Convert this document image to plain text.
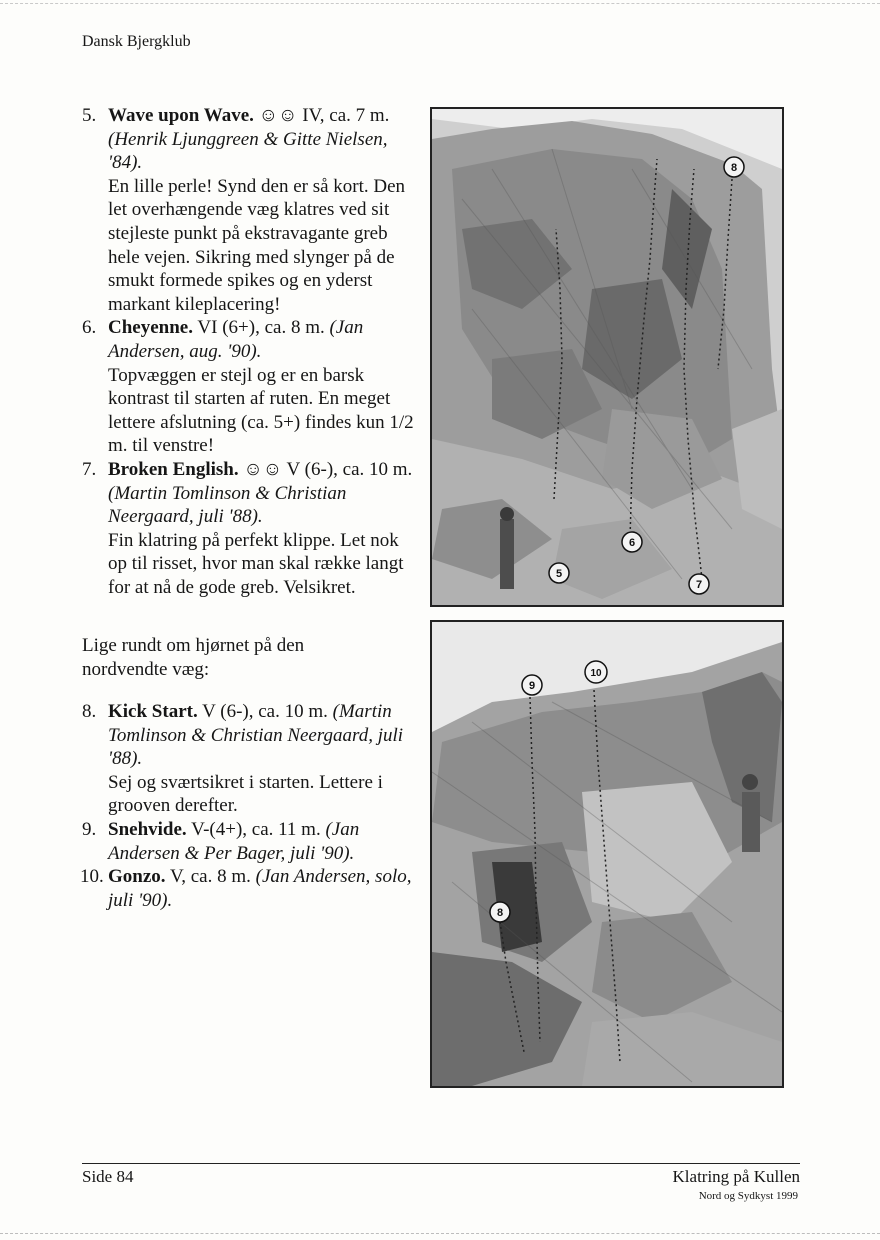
Dansk Bjergklub
5. Wave upon Wave. ☺☺ IV, ca. 7 m. (Henrik Ljunggreen & Gitte Nielsen, '84).
En lille perle! Synd den er så kort. Den let overhængende væg klatres ved sit stejleste punkt på ekstravagante greb hele vejen. Sikring med slynger på de smukt formede spikes og en yderst markant kileplacering!
6. Cheyenne. VI (6+), ca. 8 m. (Jan Andersen, aug. '90).
Topvæggen er stejl og er en barsk kontrast til starten af ruten. En meget lettere afslutning (ca. 5+) findes kun 1/2 m. til venstre!
7. Broken English. ☺☺ V (6-), ca. 10 m. (Martin Tomlinson & Christian Neergaard, juli '88).
Fin klatring på perfekt klippe. Let nok op til risset, hvor man skal række langt for at nå de gode greb. Velsikret.
Lige rundt om hjørnet på den nordvendte væg:
8. Kick Start. V (6-), ca. 10 m. (Martin Tomlinson & Christian Neergaard, juli '88).
Sej og sværtsikret i starten. Lettere i grooven derefter.
9. Snehvide. V-(4+), ca. 11 m. (Jan Andersen & Per Bager, juli '90).
10. Gonzo. V, ca. 8 m. (Jan Andersen, solo, juli '90).
8
6
5
7
9
10
8
Side 84	Klatring på Kullen
Nord og Sydkyst 1999
